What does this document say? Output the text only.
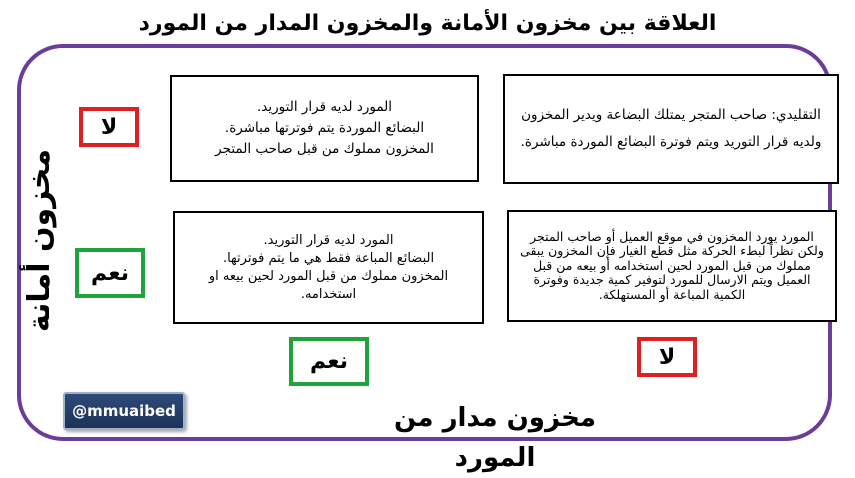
العلاقة بين مخزون الأمانة والمخزون المدار من المورد
مخزون أمانة
التقليدي: صاحب المتجر يمتلك البضاعة ويدير المخزون ولديه قرار التوريد ويتم فوترة البضائع الموردة مباشرة.
المورد لديه قرار التوريد.
البضائع الموردة يتم فوترتها مباشرة.
المخزون مملوك من قبل صاحب المتجر
المورد يورد المخزون في موقع العميل أو صاحب المتجر ولكن نظراً لبطء الحركة مثل قطع الغيار فإن المخزون يبقى مملوك من قبل المورد لحين استخدامه أو بيعه من قبل العميل ويتم الارسال للمورد لتوفير كمية جديدة وفوترة الكمية المباعة أو المستهلكة.
المورد لديه قرار التوريد.
البضائع المباعة فقط هي ما يتم فوترتها.
المخزون مملوك من قبل المورد لحين بيعه او استخدامه.
لا
نعم
نعم	لا
مخزون مدار من المورد
@mmuaibed
